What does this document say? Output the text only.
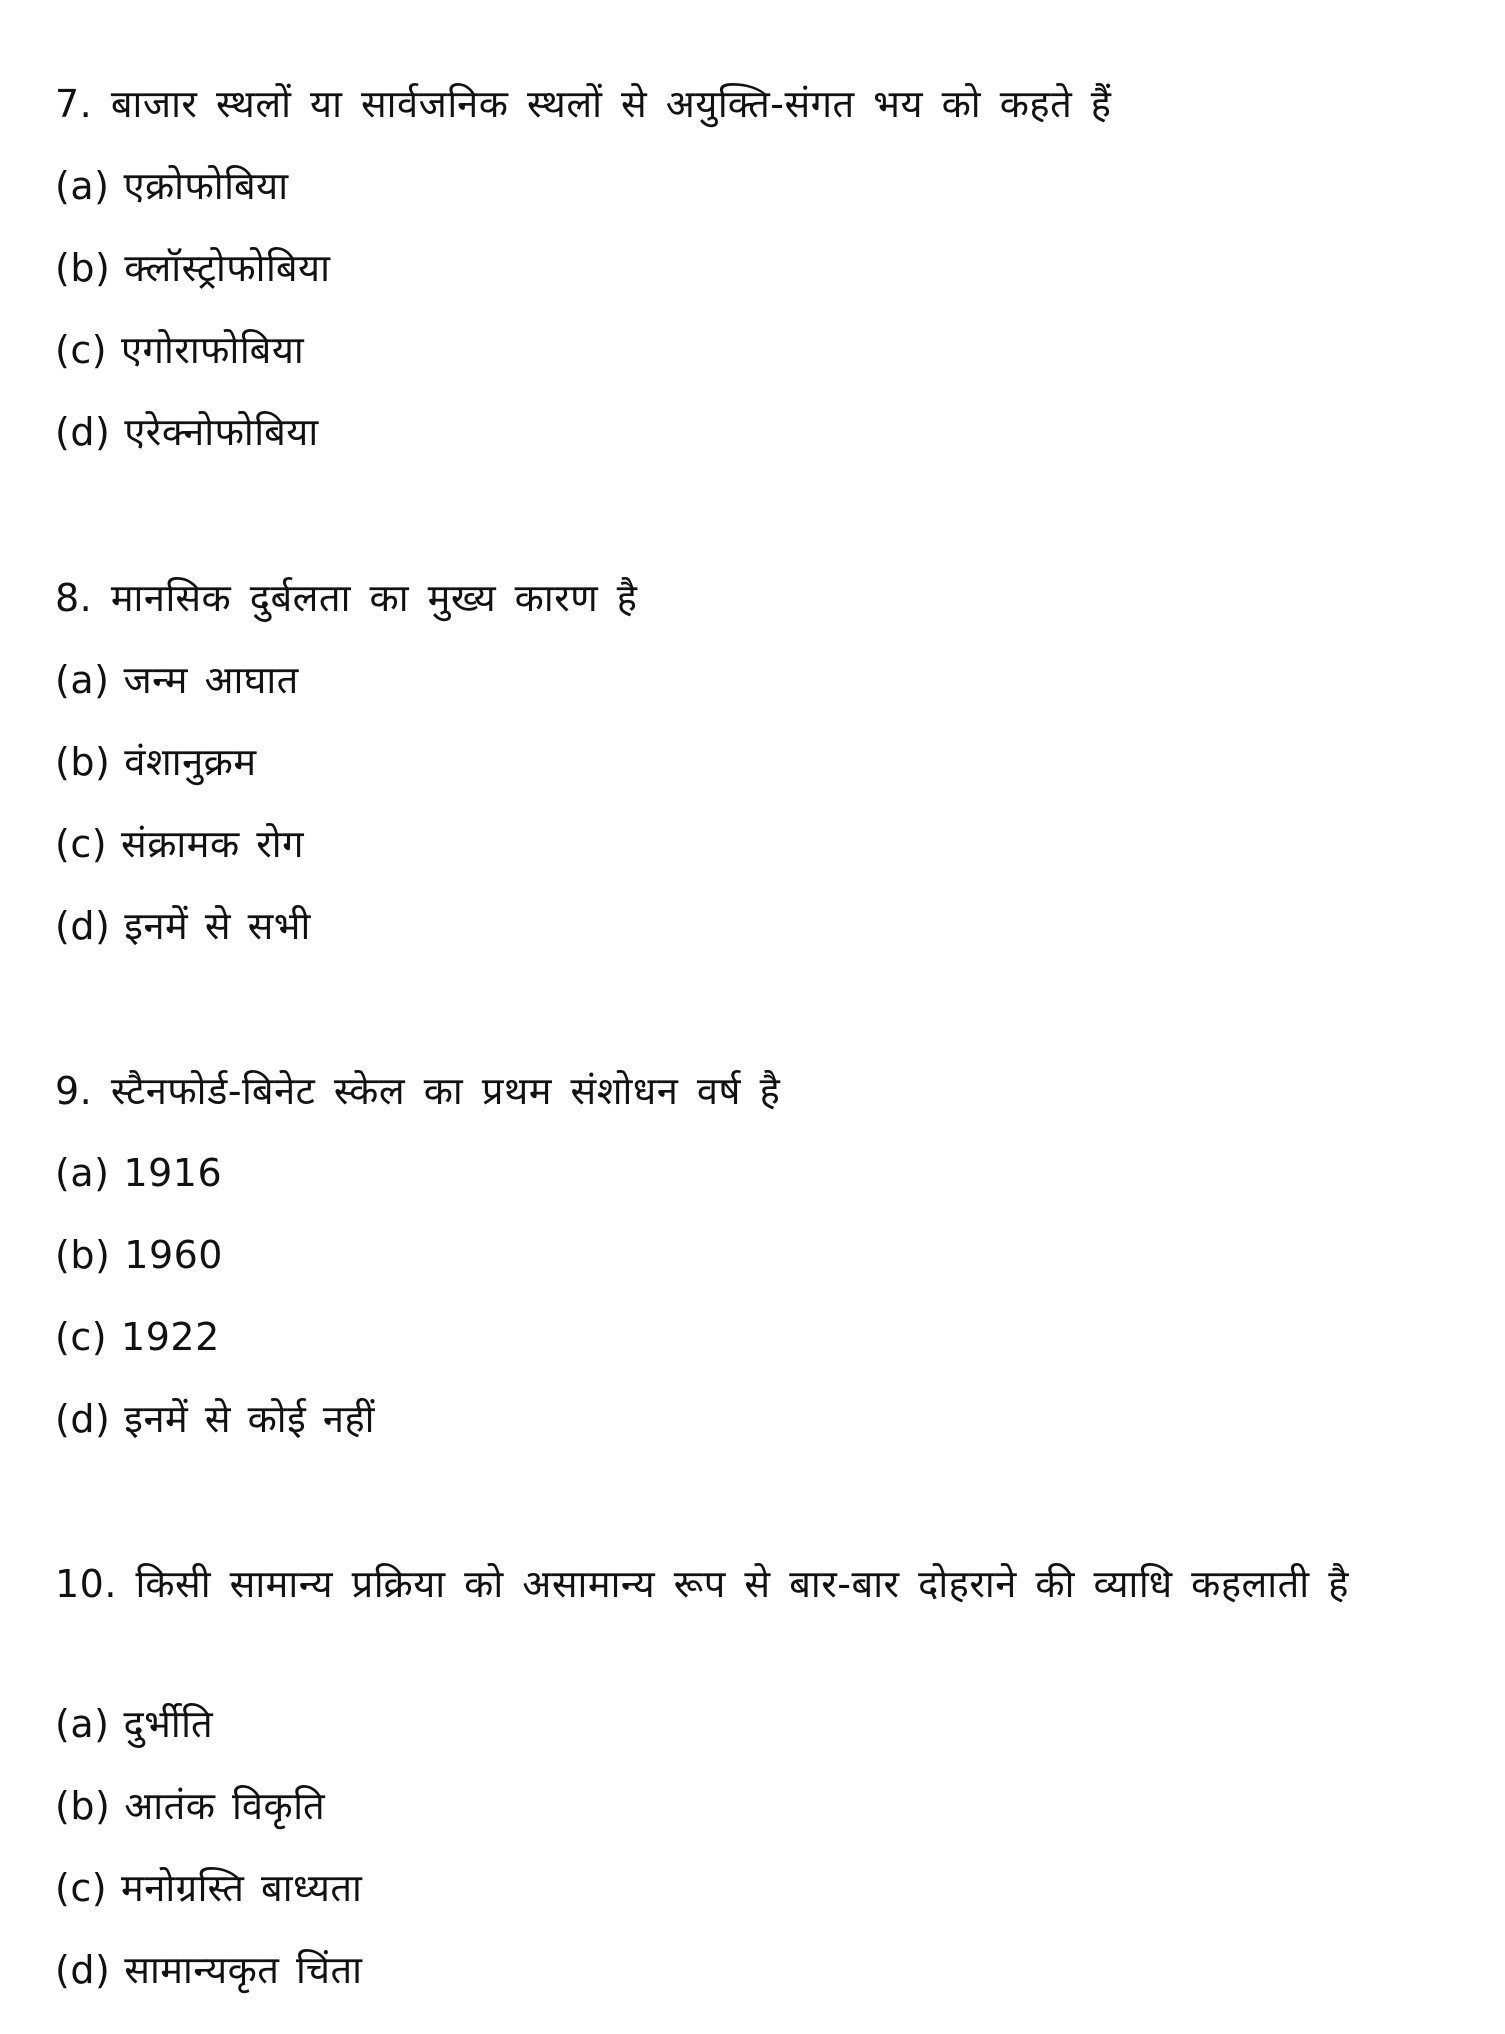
7. बाजार स्थलों या सार्वजनिक स्थलों से अयुक्ति-संगत भय को कहते हैं

(a) एक्रोफोबिया

(b) क्लॉस्ट्रोफोबिया

(c) एगोराफोबिया

(d) एरेक्नोफोबिया

8. मानसिक दुर्बलता का मुख्य कारण है

(a) जन्म आघात

(b) वंशानुक्रम

(c) संक्रामक रोग

(d) इनमें से सभी

9. स्टैनफोर्ड-बिनेट स्केल का प्रथम संशोधन वर्ष है

(a) 1916

(b) 1960

(c) 1922

(d) इनमें से कोई नहीं

10. किसी सामान्य प्रक्रिया को असामान्य रूप से बार-बार दोहराने की व्याधि कहलाती है

(a) दुर्भीति

(b) आतंक विकृति

(c) मनोग्रस्ति बाध्यता

(d) सामान्यकृत चिंता
